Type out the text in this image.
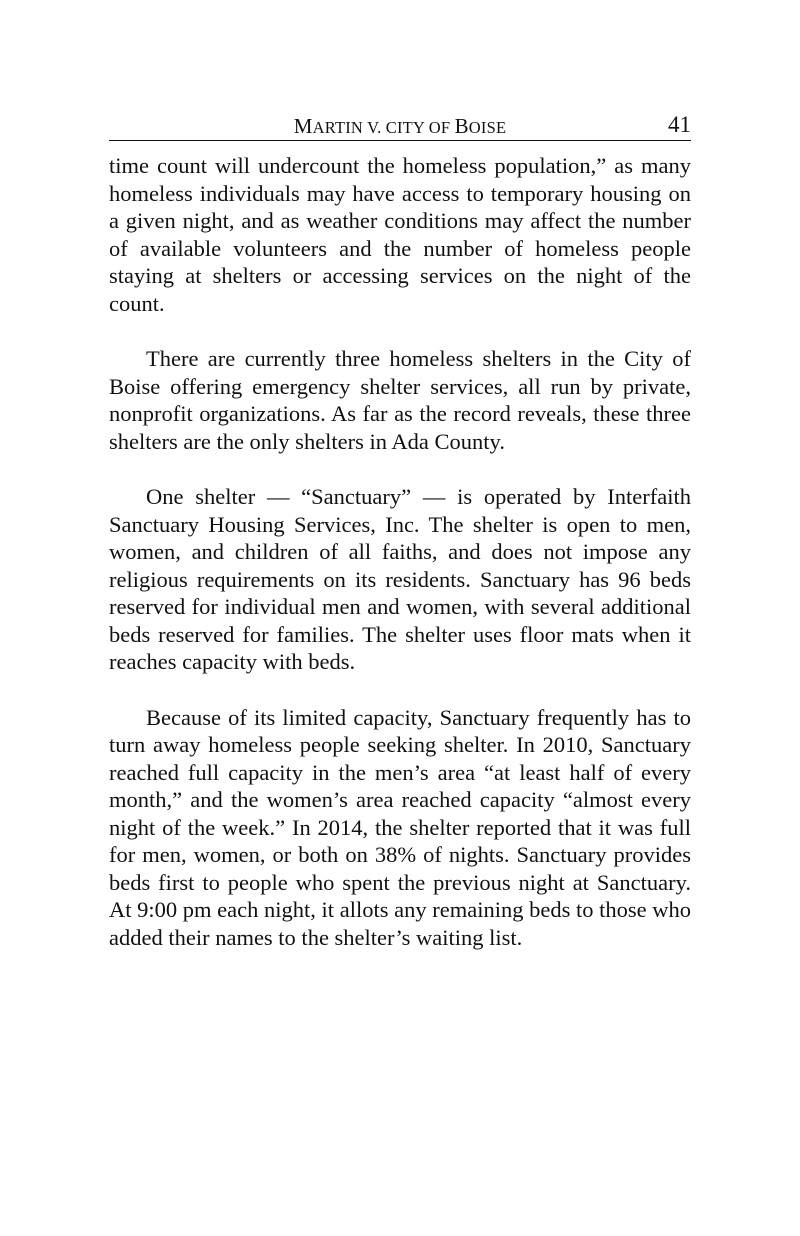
MARTIN V. CITY OF BOISE	41

time count will undercount the homeless population,” as many homeless individuals may have access to temporary housing on a given night, and as weather conditions may affect the number of available volunteers and the number of homeless people staying at shelters or accessing services on the night of the count.

There are currently three homeless shelters in the City of Boise offering emergency shelter services, all run by private, nonprofit organizations. As far as the record reveals, these three shelters are the only shelters in Ada County.

One shelter — “Sanctuary” — is operated by Interfaith Sanctuary Housing Services, Inc. The shelter is open to men, women, and children of all faiths, and does not impose any religious requirements on its residents. Sanctuary has 96 beds reserved for individual men and women, with several additional beds reserved for families. The shelter uses floor mats when it reaches capacity with beds.

Because of its limited capacity, Sanctuary frequently has to turn away homeless people seeking shelter. In 2010, Sanctuary reached full capacity in the men’s area “at least half of every month,” and the women’s area reached capacity “almost every night of the week.” In 2014, the shelter reported that it was full for men, women, or both on 38% of nights. Sanctuary provides beds first to people who spent the previous night at Sanctuary. At 9:00 pm each night, it allots any remaining beds to those who added their names to the shelter’s waiting list.
